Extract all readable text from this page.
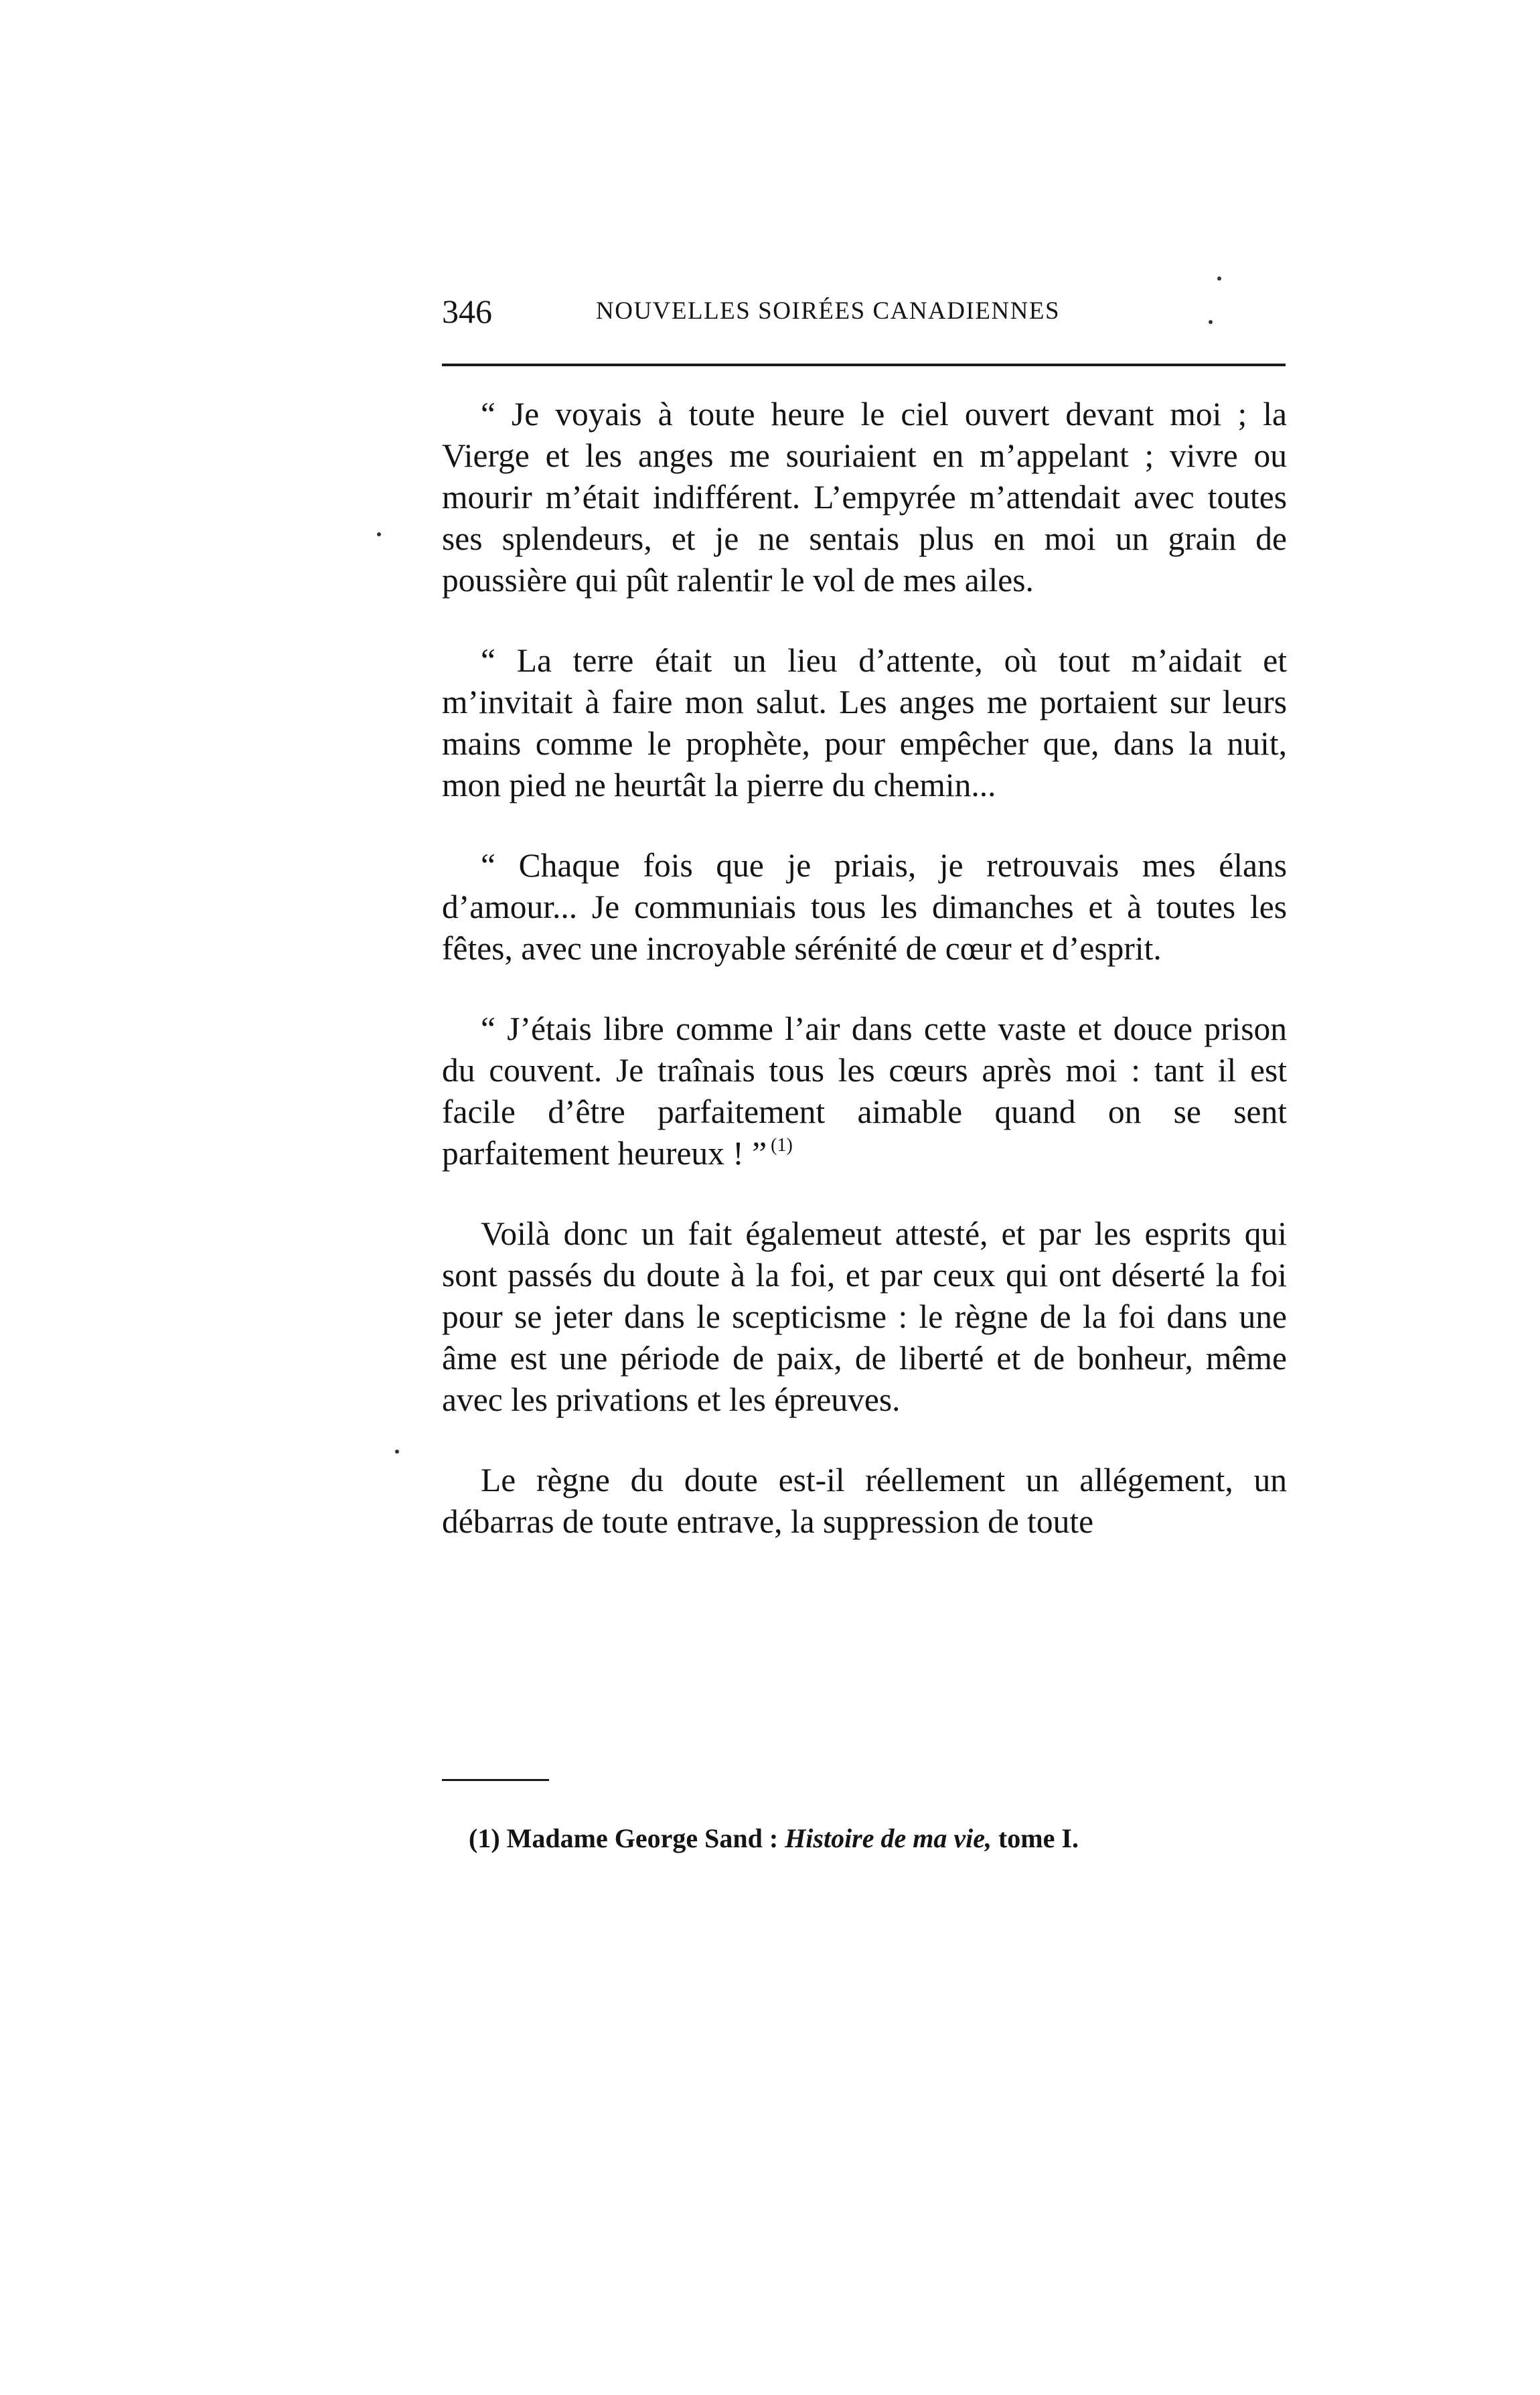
346	NOUVELLES SOIRÉES CANADIENNES

“ Je voyais à toute heure le ciel ouvert devant moi ; la Vierge et les anges me souriaient en m’appelant ; vivre ou mourir m’était indifférent. L’empyrée m’attendait avec toutes ses splendeurs, et je ne sentais plus en moi un grain de poussière qui pût ralentir le vol de mes ailes.

“ La terre était un lieu d’attente, où tout m’aidait et m’invitait à faire mon salut. Les anges me portaient sur leurs mains comme le prophète, pour empêcher que, dans la nuit, mon pied ne heurtât la pierre du chemin...

“ Chaque fois que je priais, je retrouvais mes élans d’amour... Je communiais tous les dimanches et à toutes les fêtes, avec une incroyable sérénité de cœur et d’esprit.

“ J’étais libre comme l’air dans cette vaste et douce prison du couvent. Je traînais tous les cœurs après moi : tant il est facile d’être parfaitement aimable quand on se sent parfaitement heureux ! ” $^{(1)}$

Voilà donc un fait égalemeut attesté, et par les esprits qui sont passés du doute à la foi, et par ceux qui ont déserté la foi pour se jeter dans le scepticisme : le règne de la foi dans une âme est une période de paix, de liberté et de bonheur, même avec les privations et les épreuves.

Le règne du doute est-il réellement un allégement, un débarras de toute entrave, la suppression de toute

(1) Madame George Sand : Histoire de ma vie, tome I.
